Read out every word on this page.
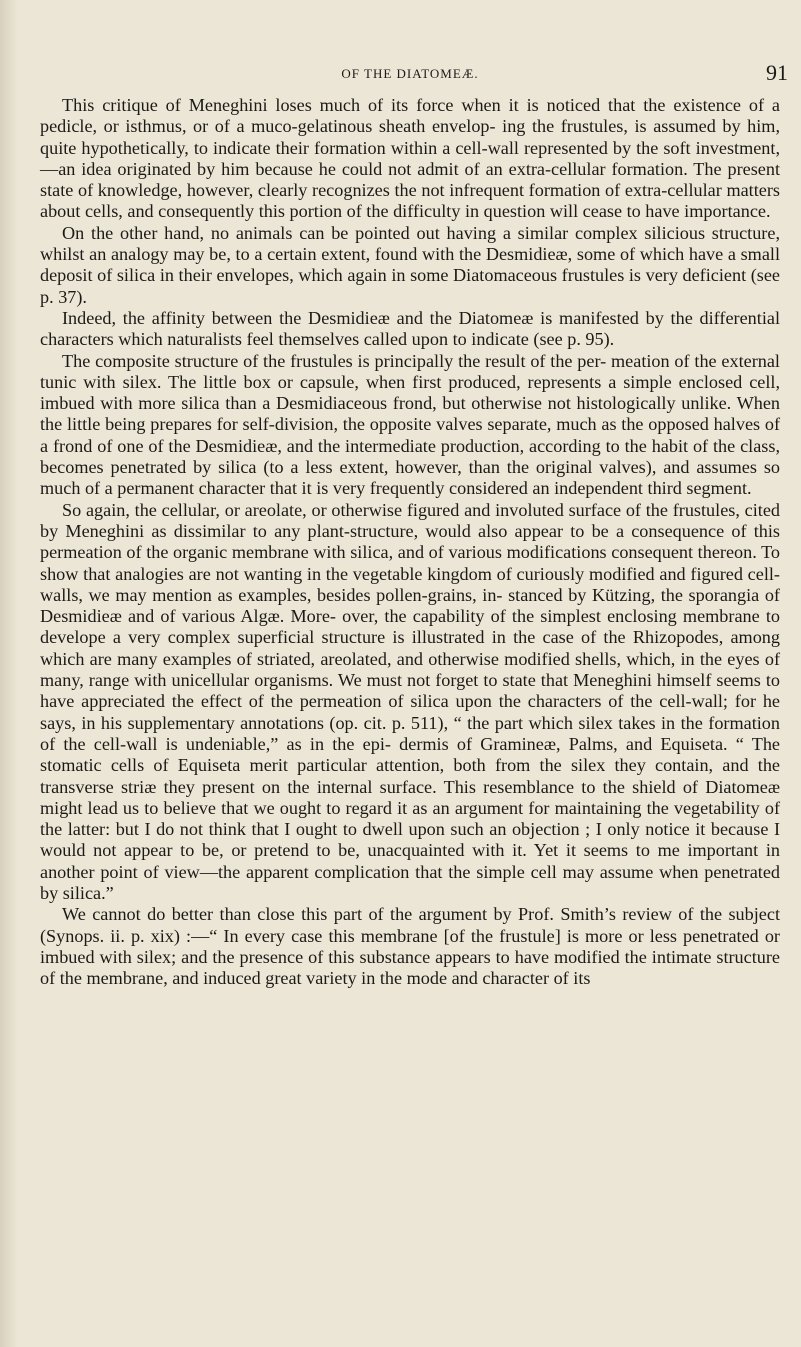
OF THE DIATOMEÆ.	91

This critique of Meneghini loses much of its force when it is noticed that the existence of a pedicle, or isthmus, or of a muco-gelatinous sheath envelop- ing the frustules, is assumed by him, quite hypothetically, to indicate their formation within a cell-wall represented by the soft investment,—an idea originated by him because he could not admit of an extra-cellular formation. The present state of knowledge, however, clearly recognizes the not infrequent formation of extra-cellular matters about cells, and consequently this portion of the difficulty in question will cease to have importance.

On the other hand, no animals can be pointed out having a similar complex silicious structure, whilst an analogy may be, to a certain extent, found with the Desmidieæ, some of which have a small deposit of silica in their envelopes, which again in some Diatomaceous frustules is very deficient (see p. 37).

Indeed, the affinity between the Desmidieæ and the Diatomeæ is manifested by the differential characters which naturalists feel themselves called upon to indicate (see p. 95).

The composite structure of the frustules is principally the result of the per- meation of the external tunic with silex. The little box or capsule, when first produced, represents a simple enclosed cell, imbued with more silica than a Desmidiaceous frond, but otherwise not histologically unlike. When the little being prepares for self-division, the opposite valves separate, much as the opposed halves of a frond of one of the Desmidieæ, and the intermediate production, according to the habit of the class, becomes penetrated by silica (to a less extent, however, than the original valves), and assumes so much of a permanent character that it is very frequently considered an independent third segment.

So again, the cellular, or areolate, or otherwise figured and involuted surface of the frustules, cited by Meneghini as dissimilar to any plant-structure, would also appear to be a consequence of this permeation of the organic membrane with silica, and of various modifications consequent thereon. To show that analogies are not wanting in the vegetable kingdom of curiously modified and figured cell-walls, we may mention as examples, besides pollen-grains, in- stanced by Kützing, the sporangia of Desmidieæ and of various Algæ. More- over, the capability of the simplest enclosing membrane to develope a very complex superficial structure is illustrated in the case of the Rhizopodes, among which are many examples of striated, areolated, and otherwise modified shells, which, in the eyes of many, range with unicellular organisms. We must not forget to state that Meneghini himself seems to have appreciated the effect of the permeation of silica upon the characters of the cell-wall; for he says, in his supplementary annotations (op. cit. p. 511), “ the part which silex takes in the formation of the cell-wall is undeniable,” as in the epi- dermis of Gramineæ, Palms, and Equiseta. “ The stomatic cells of Equiseta merit particular attention, both from the silex they contain, and the transverse striæ they present on the internal surface. This resemblance to the shield of Diatomeæ might lead us to believe that we ought to regard it as an argument for maintaining the vegetability of the latter: but I do not think that I ought to dwell upon such an objection ; I only notice it because I would not appear to be, or pretend to be, unacquainted with it. Yet it seems to me important in another point of view—the apparent complication that the simple cell may assume when penetrated by silica.”

We cannot do better than close this part of the argument by Prof. Smith’s review of the subject (Synops. ii. p. xix) :—“ In every case this membrane [of the frustule] is more or less penetrated or imbued with silex; and the presence of this substance appears to have modified the intimate structure of the membrane, and induced great variety in the mode and character of its
